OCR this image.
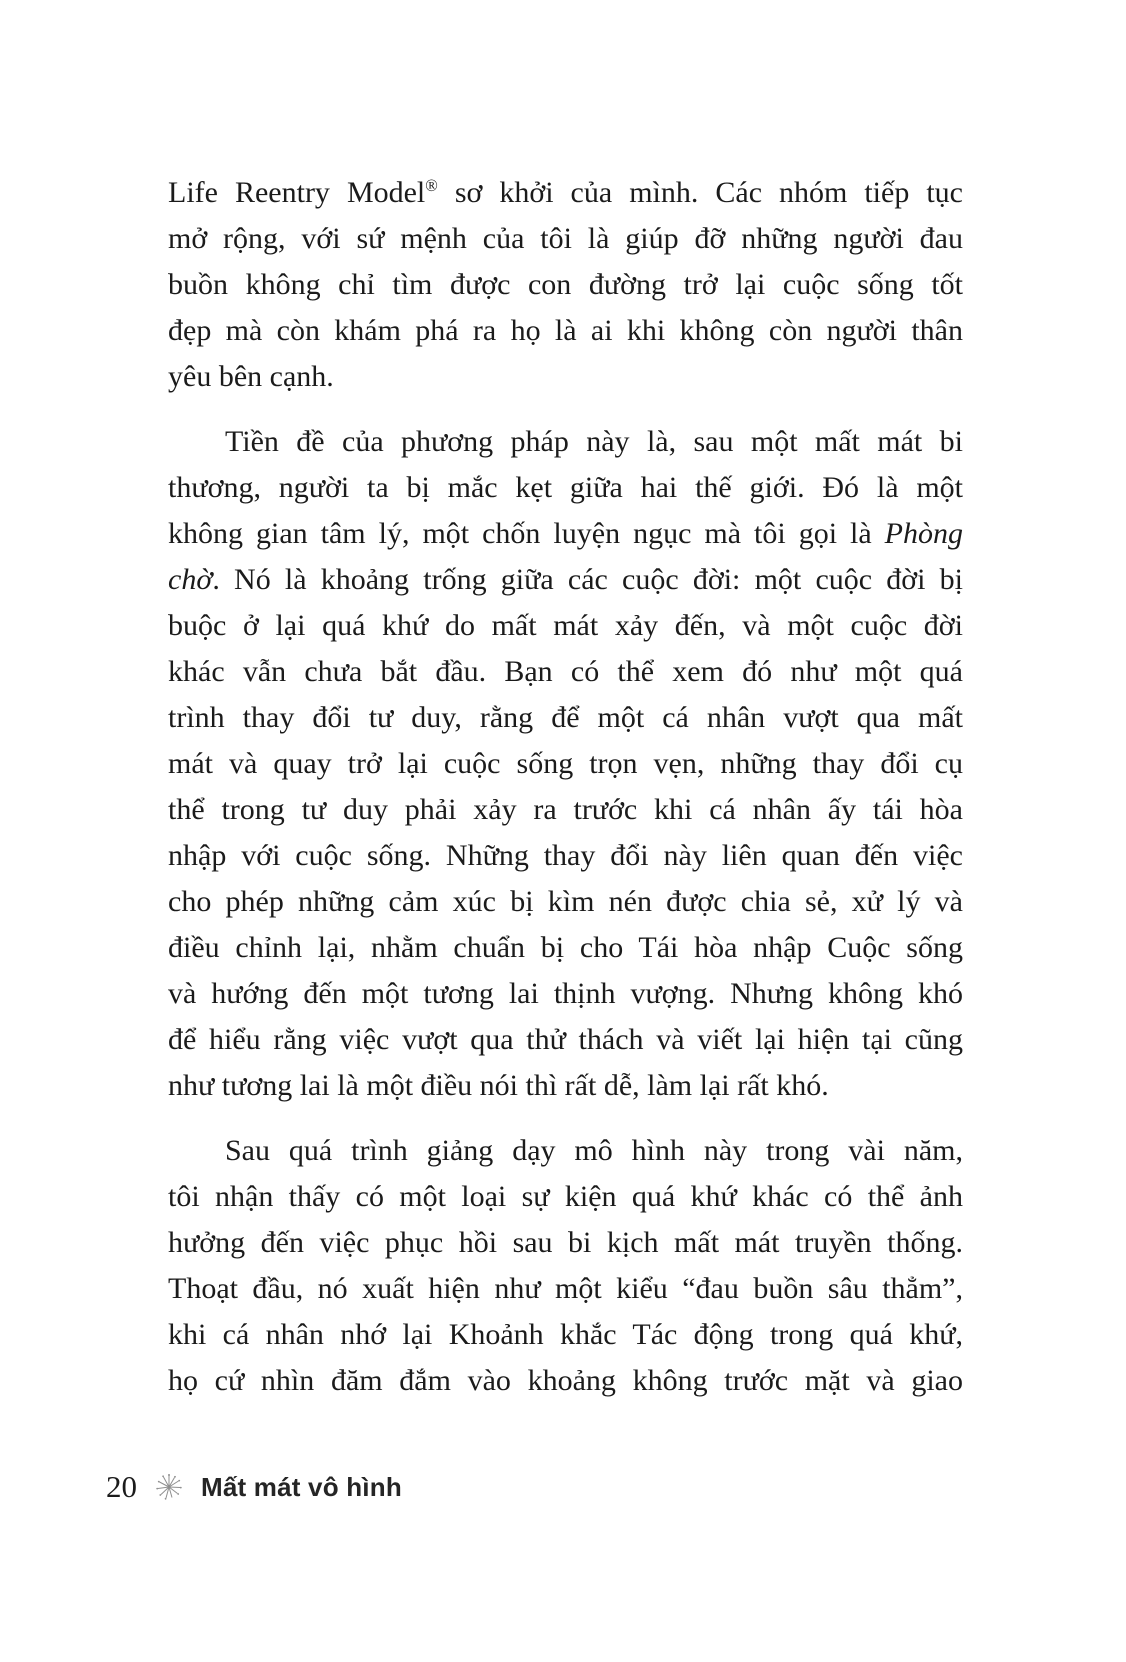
Life Reentry Model® sơ khởi của mình. Các nhóm tiếp tục
mở rộng, với sứ mệnh của tôi là giúp đỡ những người đau
buồn không chỉ tìm được con đường trở lại cuộc sống tốt
đẹp mà còn khám phá ra họ là ai khi không còn người thân
yêu bên cạnh.
Tiền đề của phương pháp này là, sau một mất mát bi
thương, người ta bị mắc kẹt giữa hai thế giới. Đó là một
không gian tâm lý, một chốn luyện ngục mà tôi gọi là Phòng
chờ. Nó là khoảng trống giữa các cuộc đời: một cuộc đời bị
buộc ở lại quá khứ do mất mát xảy đến, và một cuộc đời
khác vẫn chưa bắt đầu. Bạn có thể xem đó như một quá
trình thay đổi tư duy, rằng để một cá nhân vượt qua mất
mát và quay trở lại cuộc sống trọn vẹn, những thay đổi cụ
thể trong tư duy phải xảy ra trước khi cá nhân ấy tái hòa
nhập với cuộc sống. Những thay đổi này liên quan đến việc
cho phép những cảm xúc bị kìm nén được chia sẻ, xử lý và
điều chỉnh lại, nhằm chuẩn bị cho Tái hòa nhập Cuộc sống
và hướng đến một tương lai thịnh vượng. Nhưng không khó
để hiểu rằng việc vượt qua thử thách và viết lại hiện tại cũng
như tương lai là một điều nói thì rất dễ, làm lại rất khó.
Sau quá trình giảng dạy mô hình này trong vài năm,
tôi nhận thấy có một loại sự kiện quá khứ khác có thể ảnh
hưởng đến việc phục hồi sau bi kịch mất mát truyền thống.
Thoạt đầu, nó xuất hiện như một kiểu “đau buồn sâu thẳm”,
khi cá nhân nhớ lại Khoảnh khắc Tác động trong quá khứ,
họ cứ nhìn đăm đắm vào khoảng không trước mặt và giao
20 Mất mát vô hình
